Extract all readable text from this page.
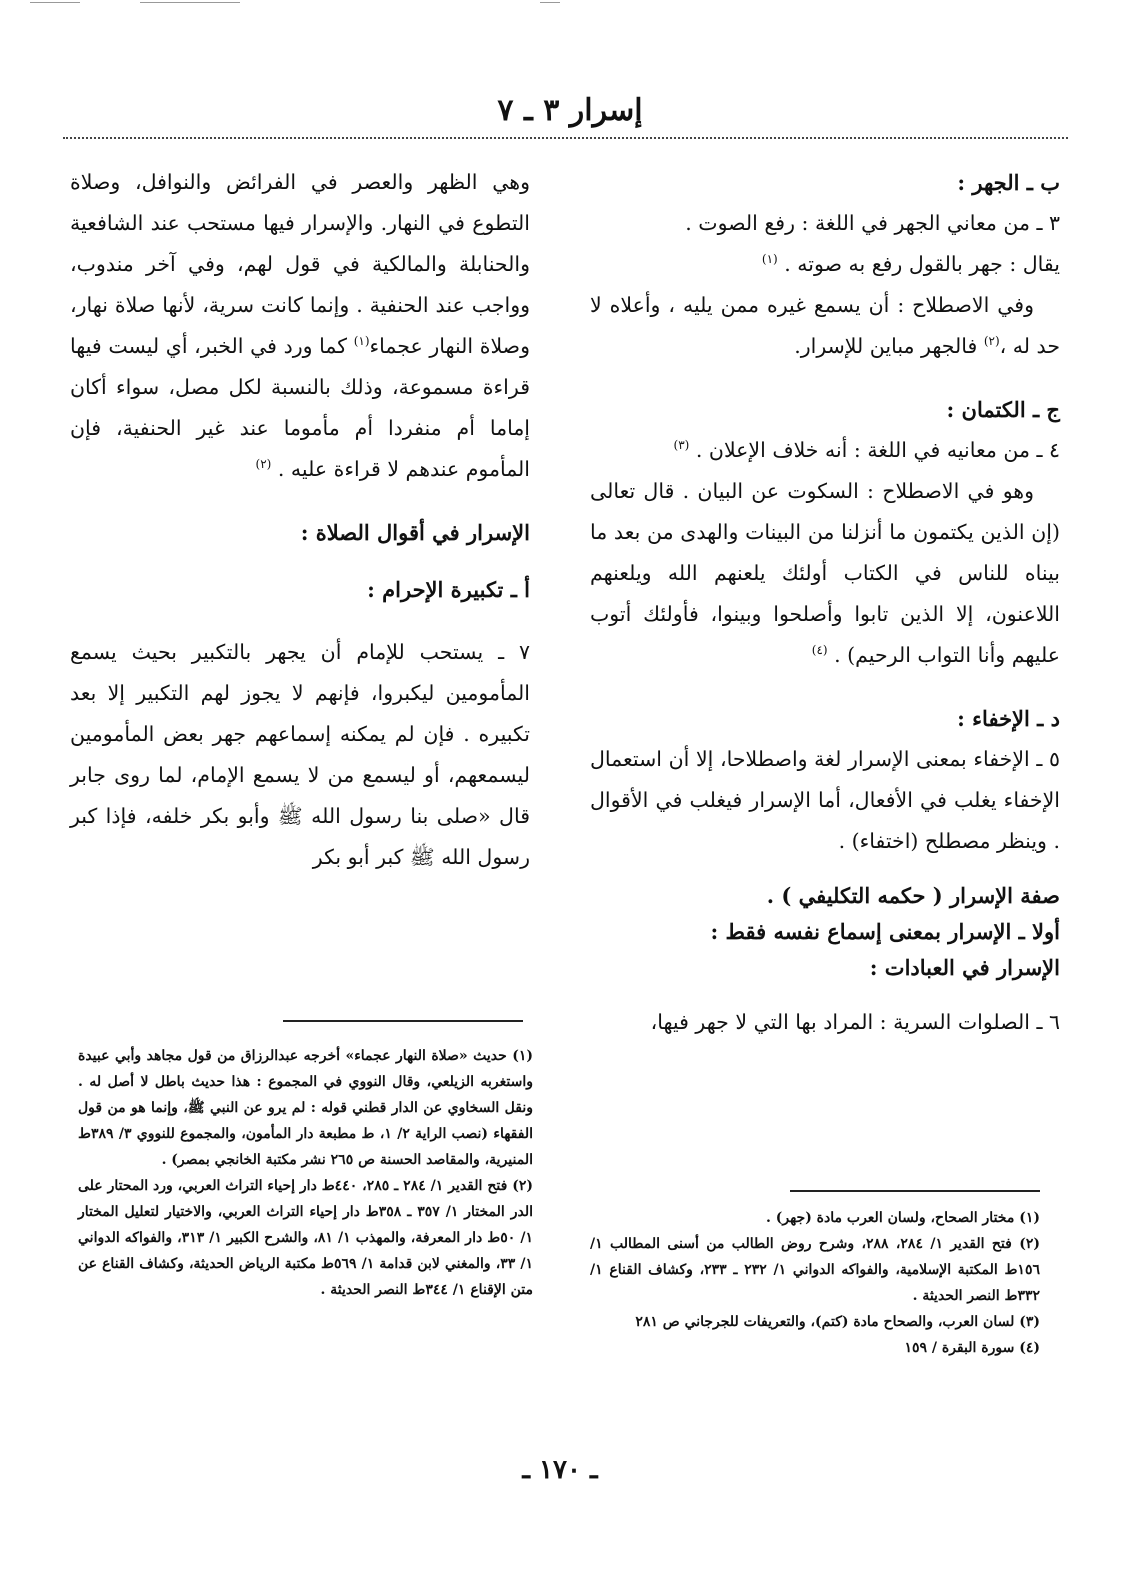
إسرار ٣ ـ ٧

ب ـ الجهر :

٣ ـ من معاني الجهر في اللغة : رفع الصوت .

يقال : جهر بالقول رفع به صوته . $^{(١)}$

وفي الاصطلاح : أن يسمع غيره ممن يليه ، وأعلاه لا حد له ،$^{(٢)}$ فالجهر مباين للإسرار.

ج ـ الكتمان :

٤ ـ من معانيه في اللغة : أنه خلاف الإعلان . $^{(٣)}$

وهو في الاصطلاح : السكوت عن البيان . قال تعالى (إن الذين يكتمون ما أنزلنا من البينات والهدى من بعد ما بيناه للناس في الكتاب أولئك يلعنهم الله ويلعنهم اللاعنون، إلا الذين تابوا وأصلحوا وبينوا، فأولئك أتوب عليهم وأنا التواب الرحيم) . $^{(٤)}$

د ـ الإخفاء :

٥ ـ الإخفاء بمعنى الإسرار لغة واصطلاحا، إلا أن استعمال الإخفاء يغلب في الأفعال، أما الإسرار فيغلب في الأقوال . وينظر مصطلح (اختفاء) .

صفة الإسرار ( حكمه التكليفي ) .

أولا ـ الإسرار بمعنى إسماع نفسه فقط :

الإسرار في العبادات :

٦ ـ الصلوات السرية : المراد بها التي لا جهر فيها،

وهي الظهر والعصر في الفرائض والنوافل، وصلاة التطوع في النهار. والإسرار فيها مستحب عند الشافعية والحنابلة والمالكية في قول لهم، وفي آخر مندوب، وواجب عند الحنفية . وإنما كانت سرية، لأنها صلاة نهار، وصلاة النهار عجماء$^{(١)}$ كما ورد في الخبر، أي ليست فيها قراءة مسموعة، وذلك بالنسبة لكل مصل، سواء أكان إماما أم منفردا أم مأموما عند غير الحنفية، فإن المأموم عندهم لا قراءة عليه . $^{(٢)}$

الإسرار في أقوال الصلاة :

أ ـ تكبيرة الإحرام :

٧ ـ يستحب للإمام أن يجهر بالتكبير بحيث يسمع المأمومين ليكبروا، فإنهم لا يجوز لهم التكبير إلا بعد تكبيره . فإن لم يمكنه إسماعهم جهر بعض المأمومين ليسمعهم، أو ليسمع من لا يسمع الإمام، لما روى جابر قال «صلى بنا رسول الله ﷺ وأبو بكر خلفه، فإذا كبر رسول الله ﷺ كبر أبو بكر

(١) مختار الصحاح، ولسان العرب مادة (جهر) .

(٢) فتح القدير ١/ ٢٨٤، ٢٨٨، وشرح روض الطالب من أسنى المطالب ١/ ١٥٦ط المكتبة الإسلامية، والفواكه الدواني ١/ ٢٣٢ ـ ٢٣٣، وكشاف القناع ١/ ٣٣٢ط النصر الحديثة .

(٣) لسان العرب، والصحاح مادة (كتم)، والتعريفات للجرجاني ص ٢٨١

(٤) سورة البقرة / ١٥٩

(١) حديث «صلاة النهار عجماء» أخرجه عبدالرزاق من قول مجاهد وأبي عبيدة واستغربه الزيلعي، وقال النووي في المجموع : هذا حديث باطل لا أصل له . ونقل السخاوي عن الدار قطني قوله : لم يرو عن النبي ﷺ، وإنما هو من قول الفقهاء (نصب الراية ٢/ ١، ط مطبعة دار المأمون، والمجموع للنووي ٣/ ٣٨٩ط المنيرية، والمقاصد الحسنة ص ٢٦٥ نشر مكتبة الخانجي بمصر) .

(٢) فتح القدير ١/ ٢٨٤ ـ ٢٨٥، ٤٤٠ط دار إحياء التراث العربي، ورد المحتار على الدر المختار ١/ ٣٥٧ ـ ٣٥٨ط دار إحياء التراث العربي، والاختيار لتعليل المختار ١/ ٥٠ط دار المعرفة، والمهذب ١/ ٨١، والشرح الكبير ١/ ٣١٣، والفواكه الدواني ١/ ٣٣، والمغني لابن قدامة ١/ ٥٦٩ط مكتبة الرياض الحديثة، وكشاف القناع عن متن الإقناع ١/ ٣٤٤ط النصر الحديثة .

ـ ١٧٠ ـ
